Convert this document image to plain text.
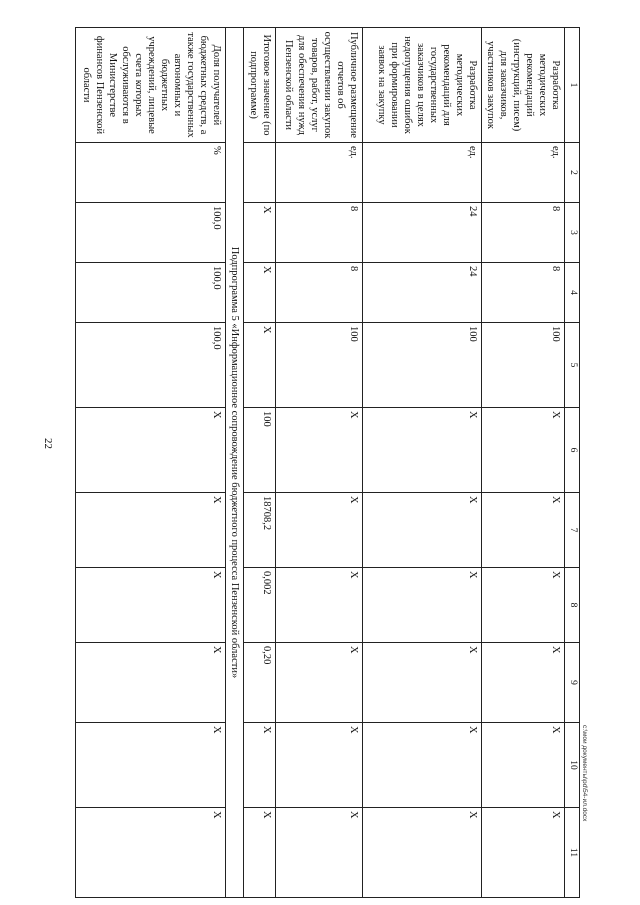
22
1	2	3	4	5	6	7	8	9	10	11
Разработка методических рекомендаций (инструкций, писем) для заказчиков, участников закупок	ед.	8	8	100	X	X	X	X	X	X
Разработка методических рекомендаций для государственных заказчиков в целях недопущения ошибок при формировании заявок на закупку	ед.	24	24	100	X	X	X	X	X	X
Публичное размещение отчетов об осуществлении закупок товаров, работ, услуг для обеспечения нужд Пензенской области	ед.	8	8	100	X	X	X	X	X	X
Итоговое значение (по подпрограмме)		X	X	X	100	18708,2	0,002	0,20	X	X
Подпрограмма 5 «Информационное сопровождение бюджетного процесса Пензенской области»										
Доля получателей бюджетных средств, а также государственных автономных и бюджетных учреждений, лицевые счета которых обслуживаются в Министерстве финансов Пензенской области	%	100,0	100,0	100,0	X	X	X	X	X	X	c:\мои документы\pd\54-ил.docx
